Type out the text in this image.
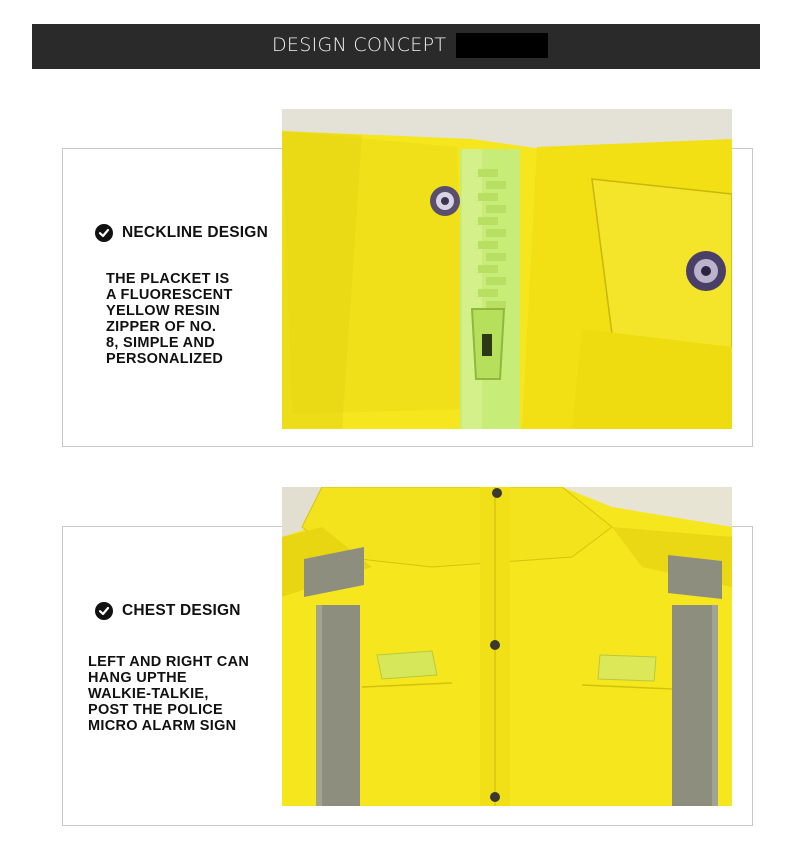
DESIGN CONCEPT
NECKLINE DESIGN
THE PLACKET IS
A FLUORESCENT
YELLOW RESIN
ZIPPER OF NO.
8, SIMPLE AND
PERSONALIZED
CHEST DESIGN
LEFT AND RIGHT CAN
HANG UPTHE
WALKIE-TALKIE,
POST THE POLICE
MICRO ALARM SIGN
